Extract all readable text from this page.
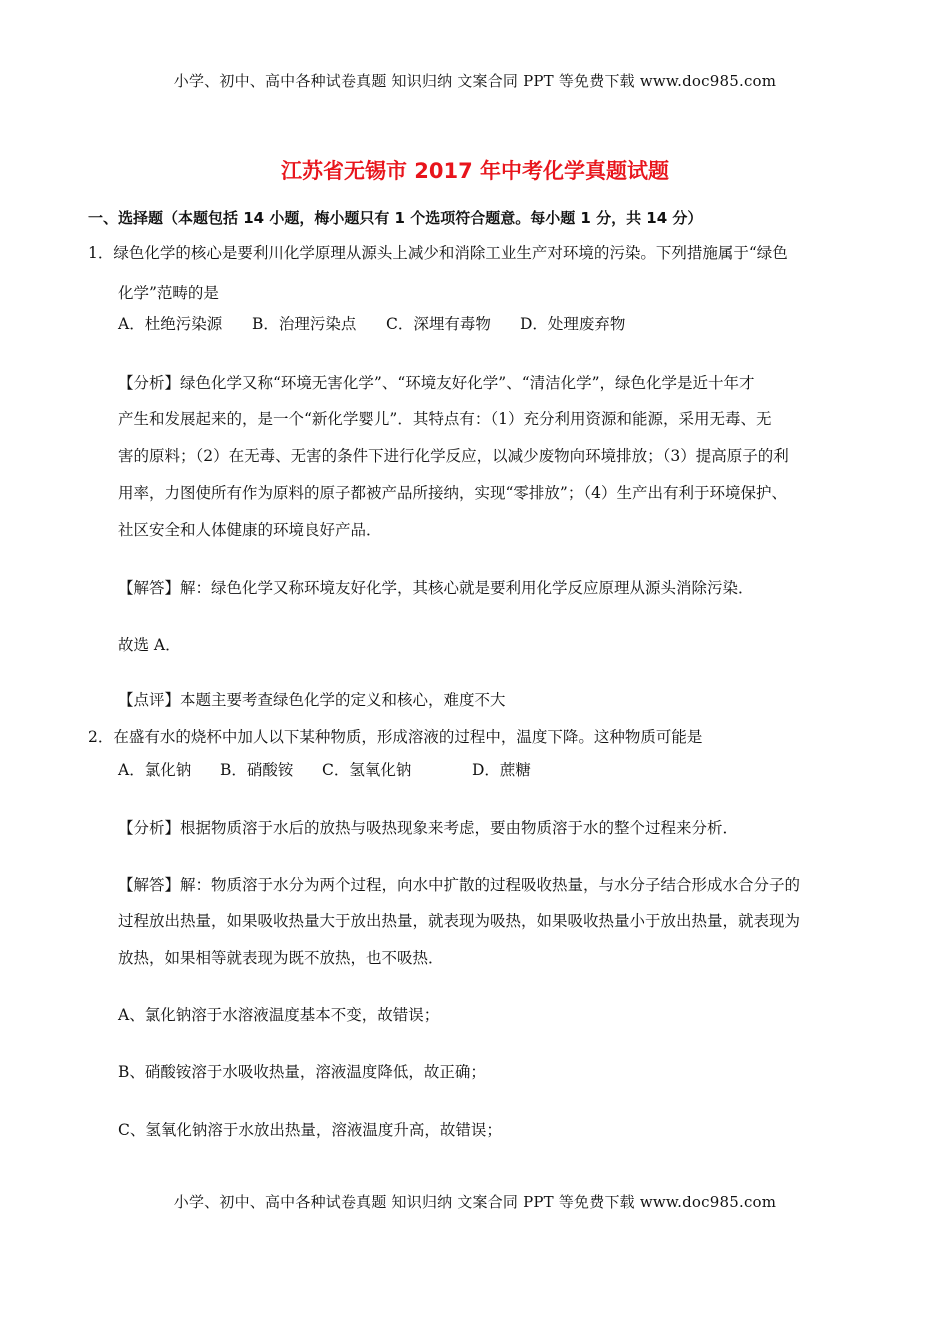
小学、初中、高中各种试卷真题 知识归纳 文案合同 PPT 等免费下载 www.doc985.com
江苏省无锡市 2017 年中考化学真题试题
一、选择题（本题包括 14 小题，梅小题只有 1 个选项符合题意。每小题 1 分，共 14 分）
1．绿色化学的核心是要利川化学原理从源头上减少和消除工业生产对环境的污染。下列措施属于“绿色
化学”范畴的是
A．杜绝污染源 B．治理污染点 C．深埋有毒物 D．处理废弃物
【分析】绿色化学又称“环境无害化学”、“环境友好化学”、“清洁化学”，绿色化学是近十年才
产生和发展起来的，是一个“新化学婴儿”．其特点有：（1）充分利用资源和能源，采用无毒、无
害的原料；（2）在无毒、无害的条件下进行化学反应，以减少废物向环境排放；（3）提高原子的利
用率，力图使所有作为原料的原子都被产品所接纳，实现“零排放”；（4）生产出有利于环境保护、
社区安全和人体健康的环境良好产品．
【解答】解：绿色化学又称环境友好化学，其核心就是要利用化学反应原理从源头消除污染．
故选 A．
【点评】本题主要考查绿色化学的定义和核心，难度不大
2．在盛有水的烧杯中加人以下某种物质，形成溶液的过程中，温度下降。这种物质可能是
A．氯化钠 B．硝酸铵 C．氢氧化钠	D．蔗糖
【分析】根据物质溶于水后的放热与吸热现象来考虑，要由物质溶于水的整个过程来分析．
【解答】解：物质溶于水分为两个过程，向水中扩散的过程吸收热量，与水分子结合形成水合分子的
过程放出热量，如果吸收热量大于放出热量，就表现为吸热，如果吸收热量小于放出热量，就表现为
放热，如果相等就表现为既不放热，也不吸热．
A、氯化钠溶于水溶液温度基本不变，故错误；
B、硝酸铵溶于水吸收热量，溶液温度降低，故正确；
C、氢氧化钠溶于水放出热量，溶液温度升高，故错误；
小学、初中、高中各种试卷真题 知识归纳 文案合同 PPT 等免费下载 www.doc985.com
